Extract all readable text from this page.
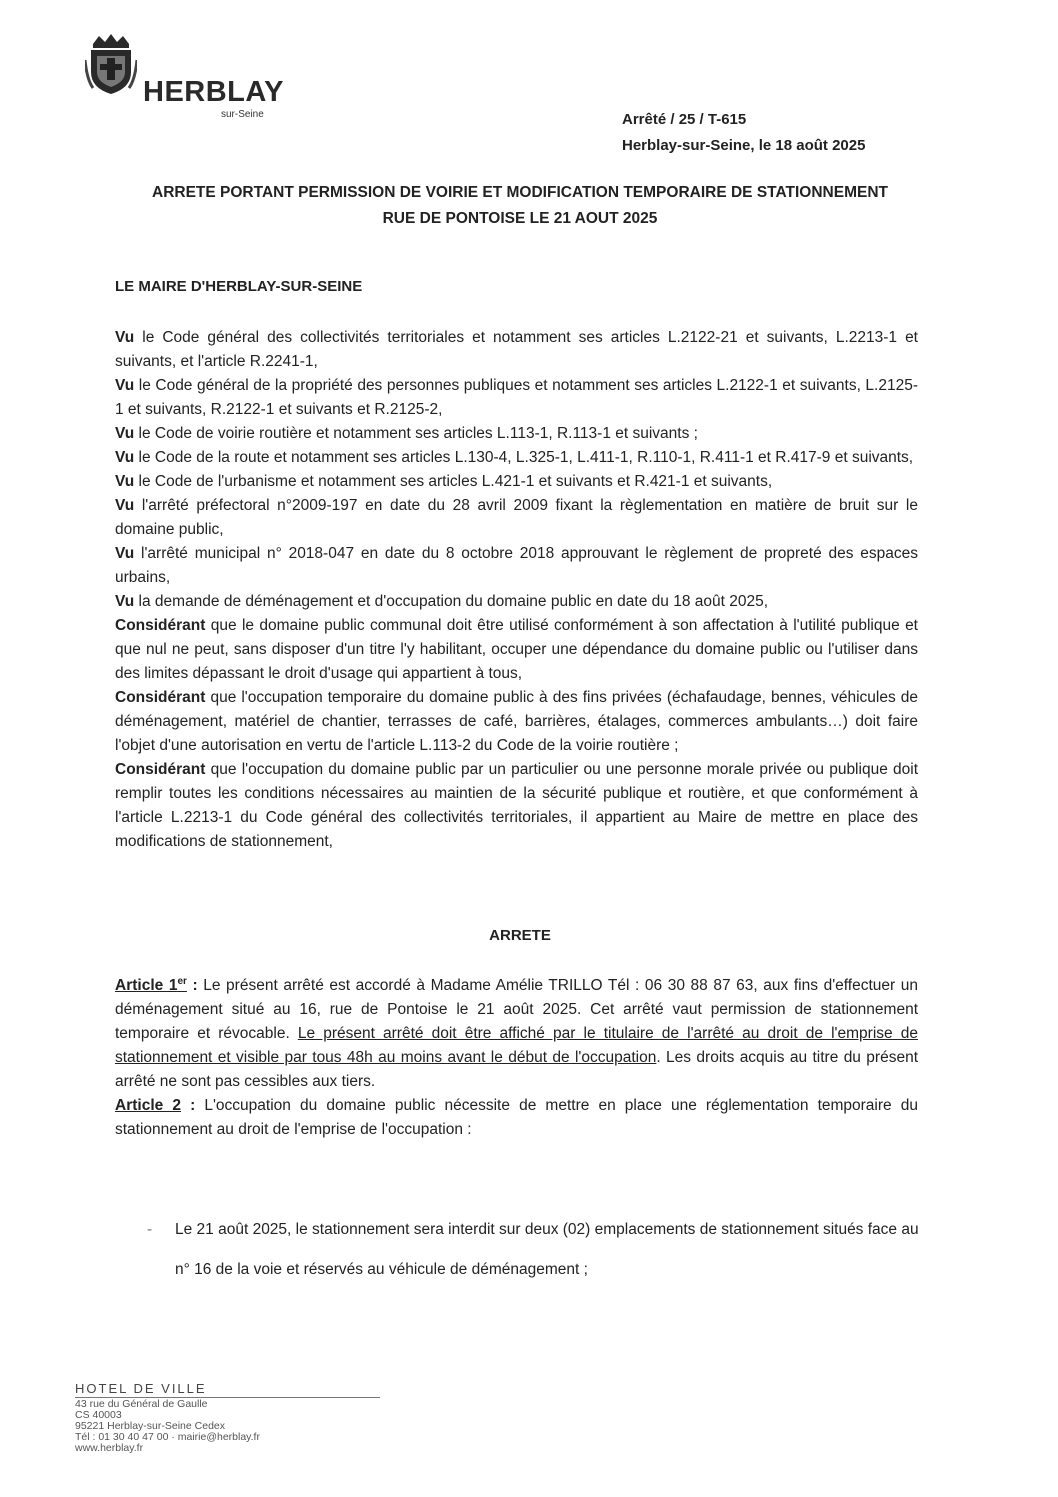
HERBLAY
sur-Seine	Arrêté / 25 / T-615
Herblay-sur-Seine, le 18 août 2025
ARRETE PORTANT PERMISSION DE VOIRIE ET MODIFICATION TEMPORAIRE DE STATIONNEMENT
RUE DE PONTOISE LE 21 AOUT 2025
LE MAIRE D'HERBLAY-SUR-SEINE

Vu le Code général des collectivités territoriales et notamment ses articles L.2122-21 et suivants, L.2213-1 et suivants, et l'article R.2241-1,

Vu le Code général de la propriété des personnes publiques et notamment ses articles L.2122-1 et suivants, L.2125-1 et suivants, R.2122-1 et suivants et R.2125-2,

Vu le Code de voirie routière et notamment ses articles L.113-1, R.113-1 et suivants ;

Vu le Code de la route et notamment ses articles L.130-4, L.325-1, L.411-1, R.110-1, R.411-1 et R.417-9 et suivants,

Vu le Code de l'urbanisme et notamment ses articles L.421-1 et suivants et R.421-1 et suivants,

Vu l'arrêté préfectoral n°2009-197 en date du 28 avril 2009 fixant la règlementation en matière de bruit sur le domaine public,

Vu l'arrêté municipal n° 2018-047 en date du 8 octobre 2018 approuvant le règlement de propreté des espaces urbains,

Vu la demande de déménagement et d'occupation du domaine public en date du 18 août 2025,

Considérant que le domaine public communal doit être utilisé conformément à son affectation à l'utilité publique et que nul ne peut, sans disposer d'un titre l'y habilitant, occuper une dépendance du domaine public ou l'utiliser dans des limites dépassant le droit d'usage qui appartient à tous,

Considérant que l'occupation temporaire du domaine public à des fins privées (échafaudage, bennes, véhicules de déménagement, matériel de chantier, terrasses de café, barrières, étalages, commerces ambulants…) doit faire l'objet d'une autorisation en vertu de l'article L.113-2 du Code de la voirie routière ;

Considérant que l'occupation du domaine public par un particulier ou une personne morale privée ou publique doit remplir toutes les conditions nécessaires au maintien de la sécurité publique et routière, et que conformément à l'article L.2213-1 du Code général des collectivités territoriales, il appartient au Maire de mettre en place des modifications de stationnement,

ARRETE

Article 1er : Le présent arrêté est accordé à Madame Amélie TRILLO Tél : 06 30 88 87 63, aux fins d'effectuer un déménagement situé au 16, rue de Pontoise le 21 août 2025. Cet arrêté vaut permission de stationnement temporaire et révocable. Le présent arrêté doit être affiché par le titulaire de l'arrêté au droit de l'emprise de stationnement et visible par tous 48h au moins avant le début de l'occupation. Les droits acquis au titre du présent arrêté ne sont pas cessibles aux tiers.

Article 2 : L'occupation du domaine public nécessite de mettre en place une réglementation temporaire du stationnement au droit de l'emprise de l'occupation :

-	Le 21 août 2025, le stationnement sera interdit sur deux (02) emplacements de stationnement situés face au n° 16 de la voie et réservés au véhicule de déménagement ;
HOTEL DE VILLE
43 rue du Général de Gaulle
CS 40003
95221 Herblay-sur-Seine Cedex
Tél : 01 30 40 47 00 · mairie@herblay.fr
www.herblay.fr
